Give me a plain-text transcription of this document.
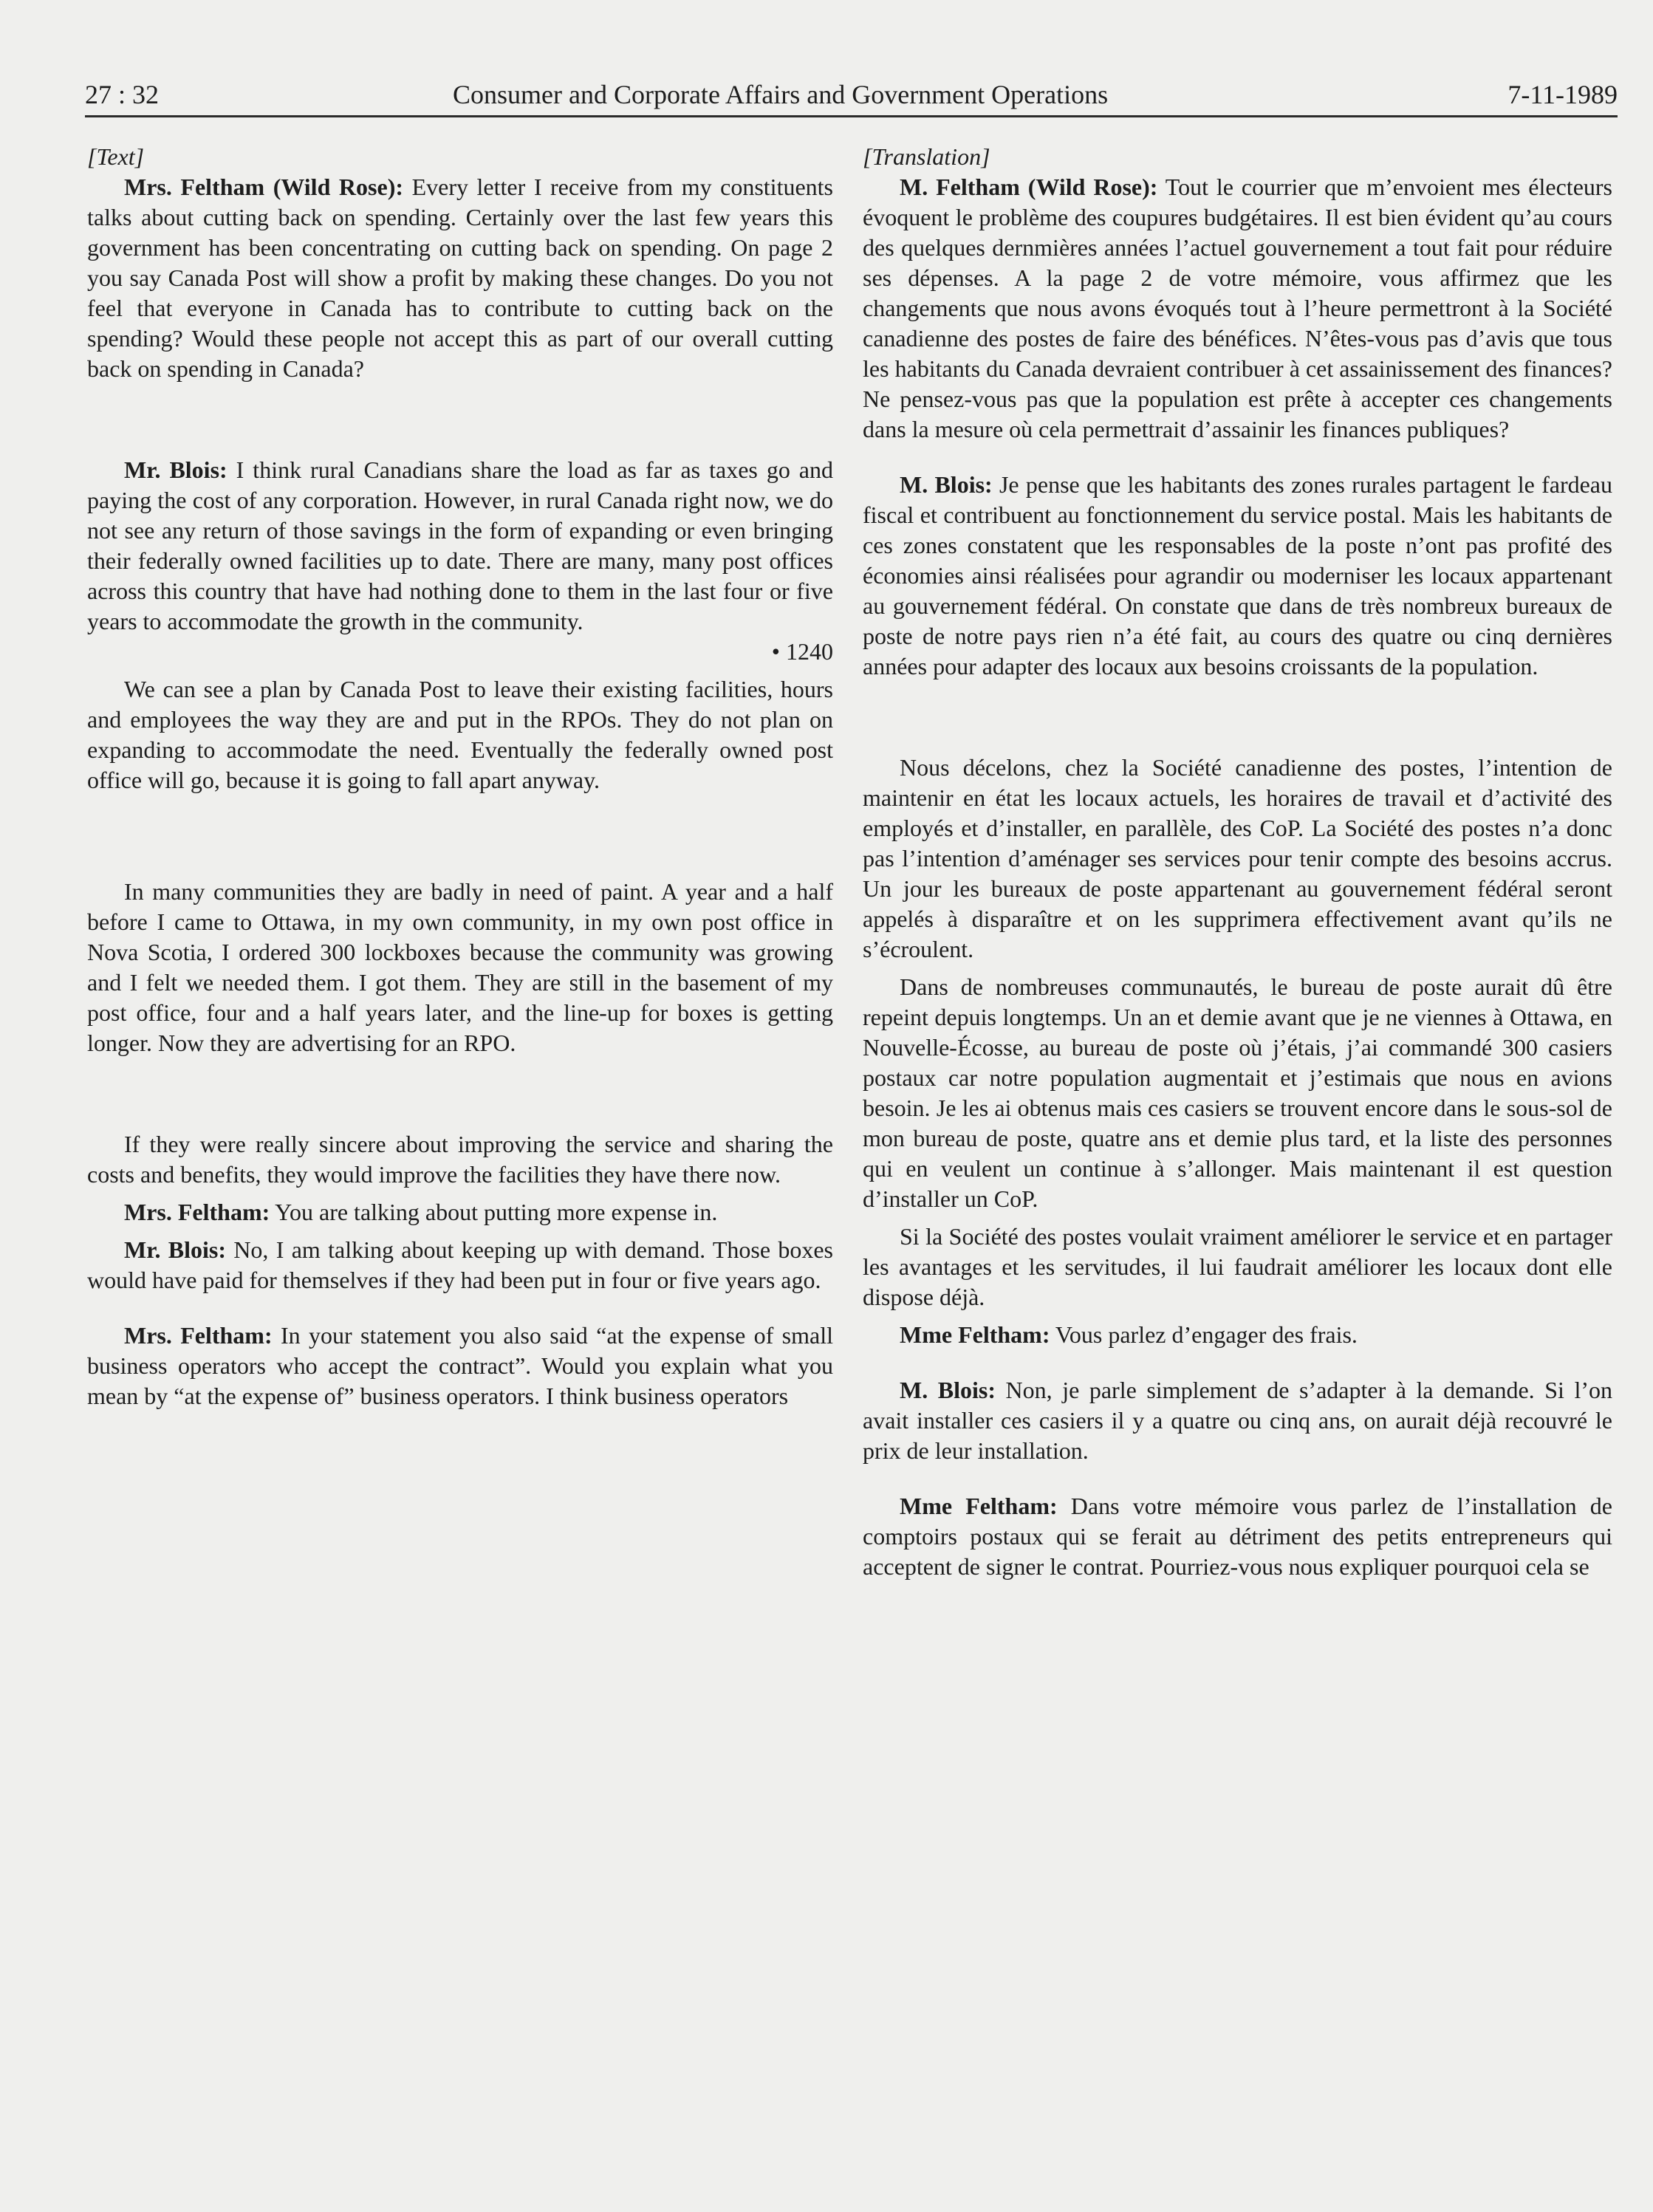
27 : 32	Consumer and Corporate Affairs and Government Operations	7-11-1989

[Text]

Mrs. Feltham (Wild Rose): Every letter I receive from my constituents talks about cutting back on spending. Certainly over the last few years this government has been concentrating on cutting back on spending. On page 2 you say Canada Post will show a profit by making these changes. Do you not feel that everyone in Canada has to contribute to cutting back on the spending? Would these people not accept this as part of our overall cutting back on spending in Canada?

Mr. Blois: I think rural Canadians share the load as far as taxes go and paying the cost of any corporation. However, in rural Canada right now, we do not see any return of those savings in the form of expanding or even bringing their federally owned facilities up to date. There are many, many post offices across this country that have had nothing done to them in the last four or five years to accommodate the growth in the community.

• 1240

We can see a plan by Canada Post to leave their existing facilities, hours and employees the way they are and put in the RPOs. They do not plan on expanding to accommodate the need. Eventually the federally owned post office will go, because it is going to fall apart anyway.

In many communities they are badly in need of paint. A year and a half before I came to Ottawa, in my own community, in my own post office in Nova Scotia, I ordered 300 lockboxes because the community was growing and I felt we needed them. I got them. They are still in the basement of my post office, four and a half years later, and the line-up for boxes is getting longer. Now they are advertising for an RPO.

If they were really sincere about improving the service and sharing the costs and benefits, they would improve the facilities they have there now.

Mrs. Feltham: You are talking about putting more expense in.

Mr. Blois: No, I am talking about keeping up with demand. Those boxes would have paid for themselves if they had been put in four or five years ago.

Mrs. Feltham: In your statement you also said “at the expense of small business operators who accept the contract”. Would you explain what you mean by “at the expense of” business operators. I think business operators

[Translation]

M. Feltham (Wild Rose): Tout le courrier que m’envoient mes électeurs évoquent le problème des coupures budgétaires. Il est bien évident qu’au cours des quelques dernmières années l’actuel gouvernement a tout fait pour réduire ses dépenses. A la page 2 de votre mémoire, vous affirmez que les changements que nous avons évoqués tout à l’heure permettront à la Société canadienne des postes de faire des bénéfices. N’êtes-vous pas d’avis que tous les habitants du Canada devraient contribuer à cet assainissement des finances? Ne pensez-vous pas que la population est prête à accepter ces changements dans la mesure où cela permettrait d’assainir les finances publiques?

M. Blois: Je pense que les habitants des zones rurales partagent le fardeau fiscal et contribuent au fonctionnement du service postal. Mais les habitants de ces zones constatent que les responsables de la poste n’ont pas profité des économies ainsi réalisées pour agrandir ou moderniser les locaux appartenant au gouvernement fédéral. On constate que dans de très nombreux bureaux de poste de notre pays rien n’a été fait, au cours des quatre ou cinq dernières années pour adapter des locaux aux besoins croissants de la population.

Nous décelons, chez la Société canadienne des postes, l’intention de maintenir en état les locaux actuels, les horaires de travail et d’activité des employés et d’installer, en parallèle, des CoP. La Société des postes n’a donc pas l’intention d’aménager ses services pour tenir compte des besoins accrus. Un jour les bureaux de poste appartenant au gouvernement fédéral seront appelés à disparaître et on les supprimera effectivement avant qu’ils ne s’écroulent.

Dans de nombreuses communautés, le bureau de poste aurait dû être repeint depuis longtemps. Un an et demie avant que je ne viennes à Ottawa, en Nouvelle-Écosse, au bureau de poste où j’étais, j’ai commandé 300 casiers postaux car notre population augmentait et j’estimais que nous en avions besoin. Je les ai obtenus mais ces casiers se trouvent encore dans le sous-sol de mon bureau de poste, quatre ans et demie plus tard, et la liste des personnes qui en veulent un continue à s’allonger. Mais maintenant il est question d’installer un CoP.

Si la Société des postes voulait vraiment améliorer le service et en partager les avantages et les servitudes, il lui faudrait améliorer les locaux dont elle dispose déjà.

Mme Feltham: Vous parlez d’engager des frais.

M. Blois: Non, je parle simplement de s’adapter à la demande. Si l’on avait installer ces casiers il y a quatre ou cinq ans, on aurait déjà recouvré le prix de leur installation.

Mme Feltham: Dans votre mémoire vous parlez de l’installation de comptoirs postaux qui se ferait au détriment des petits entrepreneurs qui acceptent de signer le contrat. Pourriez-vous nous expliquer pourquoi cela se
